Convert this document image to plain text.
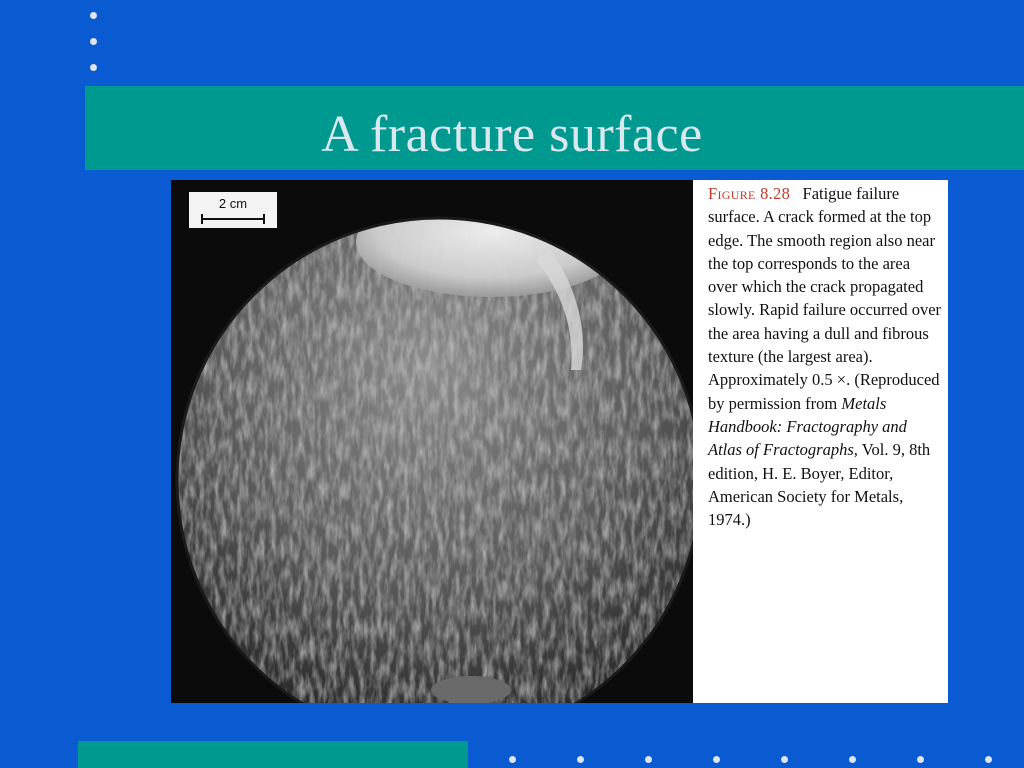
A fracture surface
2 cm
Figure 8.28 Fatigue failure surface. A crack formed at the top edge. The smooth region also near the top corresponds to the area over which the crack propagated slowly. Rapid failure occurred over the area having a dull and fibrous texture (the largest area). Approximately 0.5 ×. (Reproduced by permission from Metals Handbook: Fractography and Atlas of Fractographs, Vol. 9, 8th edition, H. E. Boyer, Editor, American Society for Metals, 1974.)
